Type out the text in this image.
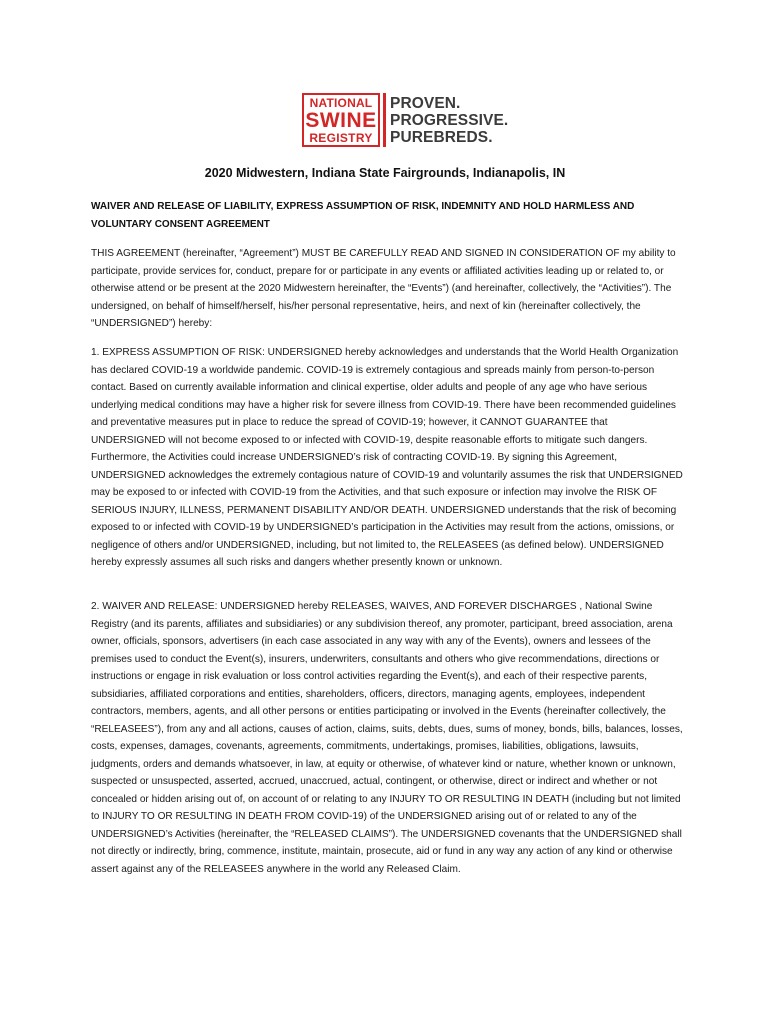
NATIONAL
SWINE
REGISTRY
PROVEN.
PROGRESSIVE.
PUREBREDS.
2020 Midwestern, Indiana State Fairgrounds, Indianapolis, IN
WAIVER AND RELEASE OF LIABILITY, EXPRESS ASSUMPTION OF RISK, INDEMNITY AND HOLD HARMLESS AND VOLUNTARY CONSENT AGREEMENT
THIS AGREEMENT (hereinafter, “Agreement”) MUST BE CAREFULLY READ AND SIGNED IN CONSIDERATION OF my ability to participate, provide services for, conduct, prepare for or participate in any events or affiliated activities leading up or related to, or otherwise attend or be present at the 2020 Midwestern hereinafter, the “Events”) (and hereinafter, collectively, the “Activities”). The undersigned, on behalf of himself/herself, his/her personal representative, heirs, and next of kin (hereinafter collectively, the “UNDERSIGNED”) hereby:
1. EXPRESS ASSUMPTION OF RISK: UNDERSIGNED hereby acknowledges and understands that the World Health Organization has declared COVID-19 a worldwide pandemic. COVID-19 is extremely contagious and spreads mainly from person-to-person contact. Based on currently available information and clinical expertise, older adults and people of any age who have serious underlying medical conditions may have a higher risk for severe illness from COVID-19. There have been recommended guidelines and preventative measures put in place to reduce the spread of COVID-19; however, it CANNOT GUARANTEE that UNDERSIGNED will not become exposed to or infected with COVID-19, despite reasonable efforts to mitigate such dangers. Furthermore, the Activities could increase UNDERSIGNED’s risk of contracting COVID-19. By signing this Agreement, UNDERSIGNED acknowledges the extremely contagious nature of COVID-19 and voluntarily assumes the risk that UNDERSIGNED may be exposed to or infected with COVID-19 from the Activities, and that such exposure or infection may involve the RISK OF SERIOUS INJURY, ILLNESS, PERMANENT DISABILITY AND/OR DEATH. UNDERSIGNED understands that the risk of becoming exposed to or infected with COVID-19 by UNDERSIGNED’s participation in the Activities may result from the actions, omissions, or negligence of others and/or UNDERSIGNED, including, but not limited to, the RELEASEES (as defined below). UNDERSIGNED hereby expressly assumes all such risks and dangers whether presently known or unknown.
2. WAIVER AND RELEASE: UNDERSIGNED hereby RELEASES, WAIVES, AND FOREVER DISCHARGES , National Swine Registry (and its parents, affiliates and subsidiaries) or any subdivision thereof, any promoter, participant, breed association, arena owner, officials, sponsors, advertisers (in each case associated in any way with any of the Events), owners and lessees of the premises used to conduct the Event(s), insurers, underwriters, consultants and others who give recommendations, directions or instructions or engage in risk evaluation or loss control activities regarding the Event(s), and each of their respective parents, subsidiaries, affiliated corporations and entities, shareholders, officers, directors, managing agents, employees, independent contractors, members, agents, and all other persons or entities participating or involved in the Events (hereinafter collectively, the “RELEASEES”), from any and all actions, causes of action, claims, suits, debts, dues, sums of money, bonds, bills, balances, losses, costs, expenses, damages, covenants, agreements, commitments, undertakings, promises, liabilities, obligations, lawsuits, judgments, orders and demands whatsoever, in law, at equity or otherwise, of whatever kind or nature, whether known or unknown, suspected or unsuspected, asserted, accrued, unaccrued, actual, contingent, or otherwise, direct or indirect and whether or not concealed or hidden arising out of, on account of or relating to any INJURY TO OR RESULTING IN DEATH (including but not limited to INJURY TO OR RESULTING IN DEATH FROM COVID-19) of the UNDERSIGNED arising out of or related to any of the UNDERSIGNED’s Activities (hereinafter, the “RELEASED CLAIMS”). The UNDERSIGNED covenants that the UNDERSIGNED shall not directly or indirectly, bring, commence, institute, maintain, prosecute, aid or fund in any way any action of any kind or otherwise assert against any of the RELEASEES anywhere in the world any Released Claim.
